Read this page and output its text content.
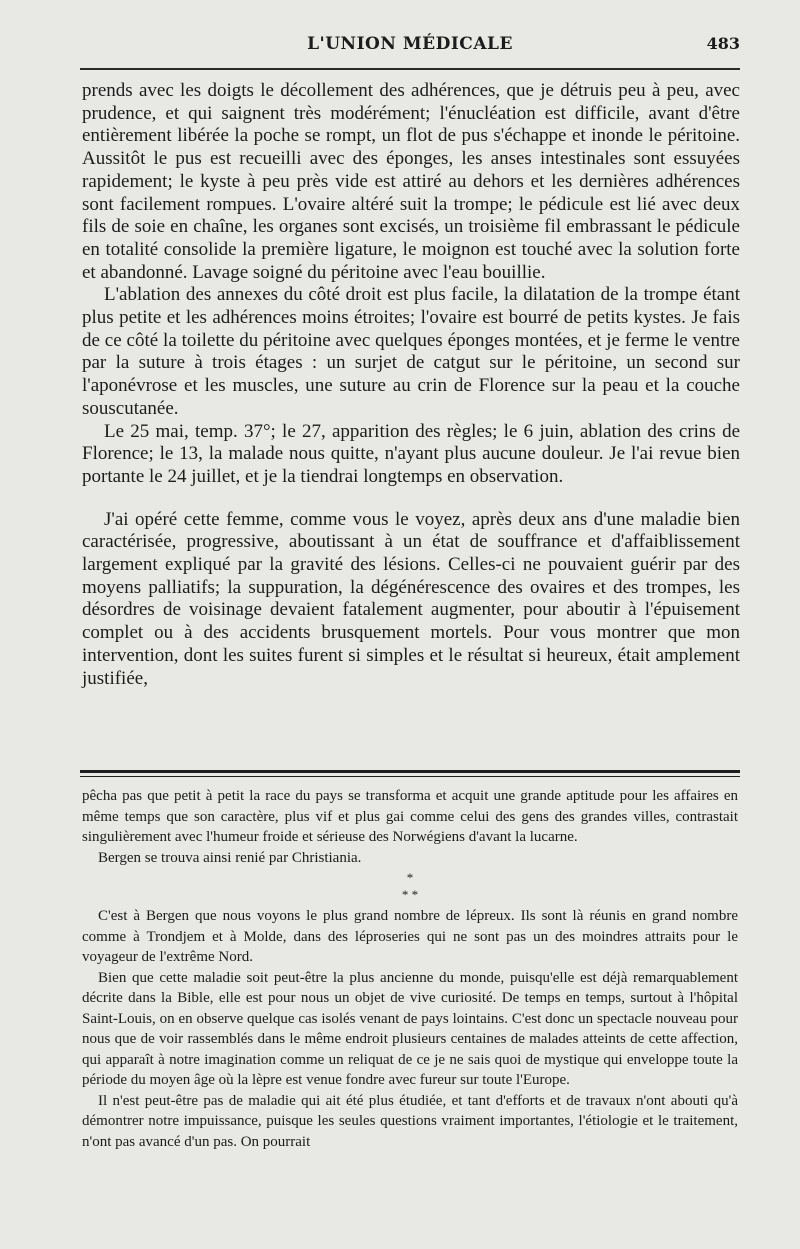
L'UNION MÉDICALE	483

prends avec les doigts le décollement des adhérences, que je détruis peu à peu, avec prudence, et qui saignent très modérément; l'énucléation est difficile, avant d'être entièrement libérée la poche se rompt, un flot de pus s'échappe et inonde le péritoine. Aussitôt le pus est recueilli avec des éponges, les anses intestinales sont essuyées rapidement; le kyste à peu près vide est attiré au dehors et les dernières adhérences sont facilement rompues. L'ovaire altéré suit la trompe; le pédicule est lié avec deux fils de soie en chaîne, les organes sont excisés, un troisième fil embrassant le pédicule en totalité consolide la première ligature, le moignon est touché avec la solution forte et abandonné. Lavage soigné du péritoine avec l'eau bouillie.

L'ablation des annexes du côté droit est plus facile, la dilatation de la trompe étant plus petite et les adhérences moins étroites; l'ovaire est bourré de petits kystes. Je fais de ce côté la toilette du péritoine avec quelques éponges montées, et je ferme le ventre par la suture à trois étages : un surjet de catgut sur le péritoine, un second sur l'aponévrose et les muscles, une suture au crin de Florence sur la peau et la couche souscutanée.

Le 25 mai, temp. 37°; le 27, apparition des règles; le 6 juin, ablation des crins de Florence; le 13, la malade nous quitte, n'ayant plus aucune douleur. Je l'ai revue bien portante le 24 juillet, et je la tiendrai longtemps en observation.

J'ai opéré cette femme, comme vous le voyez, après deux ans d'une maladie bien caractérisée, progressive, aboutissant à un état de souffrance et d'affaiblissement largement expliqué par la gravité des lésions. Celles-ci ne pouvaient guérir par des moyens palliatifs; la suppuration, la dégénérescence des ovaires et des trompes, les désordres de voisinage devaient fatalement augmenter, pour aboutir à l'épuisement complet ou à des accidents brusquement mortels. Pour vous montrer que mon intervention, dont les suites furent si simples et le résultat si heureux, était amplement justifiée,

pêcha pas que petit à petit la race du pays se transforma et acquit une grande aptitude pour les affaires en même temps que son caractère, plus vif et plus gai comme celui des gens des grandes villes, contrastait singulièrement avec l'humeur froide et sérieuse des Norwégiens d'avant la lucarne.

Bergen se trouva ainsi renié par Christiania.

*

* *

C'est à Bergen que nous voyons le plus grand nombre de lépreux. Ils sont là réunis en grand nombre comme à Trondjem et à Molde, dans des léproseries qui ne sont pas un des moindres attraits pour le voyageur de l'extrême Nord.

Bien que cette maladie soit peut-être la plus ancienne du monde, puisqu'elle est déjà remarquablement décrite dans la Bible, elle est pour nous un objet de vive curiosité. De temps en temps, surtout à l'hôpital Saint-Louis, on en observe quelque cas isolés venant de pays lointains. C'est donc un spectacle nouveau pour nous que de voir rassemblés dans le même endroit plusieurs centaines de malades atteints de cette affection, qui apparaît à notre imagination comme un reliquat de ce je ne sais quoi de mystique qui enveloppe toute la période du moyen âge où la lèpre est venue fondre avec fureur sur toute l'Europe.

Il n'est peut-être pas de maladie qui ait été plus étudiée, et tant d'efforts et de travaux n'ont abouti qu'à démontrer notre impuissance, puisque les seules questions vraiment importantes, l'étiologie et le traitement, n'ont pas avancé d'un pas. On pourrait
